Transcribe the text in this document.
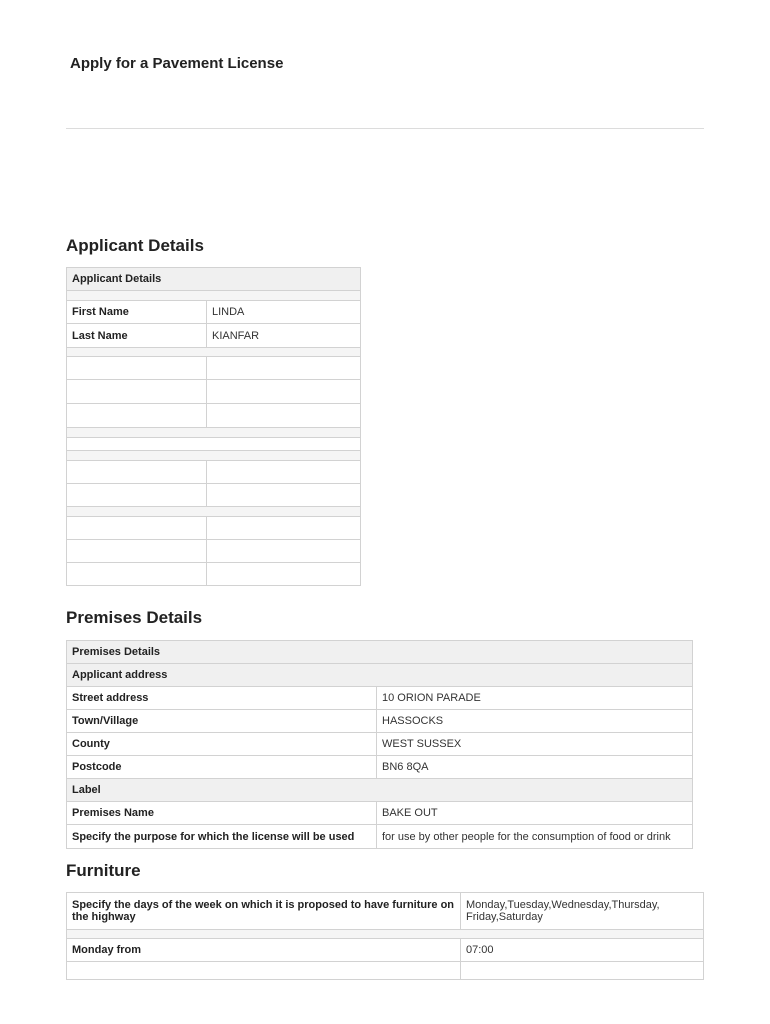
Apply for a Pavement License
Applicant Details
Applicant Details	

First Name	LINDA
Last Name	KIANFAR

Premises Details
Premises Details	
Applicant address	
Street address	10 ORION PARADE
Town/Village	HASSOCKS
County	WEST SUSSEX
Postcode	BN6 8QA
Label	
Premises Name	BAKE OUT
Specify the purpose for which the license will be used	for use by other people for the consumption of food or drink
Furniture
Specify the days of the week on which it is proposed to have furniture on the highway	Monday,Tuesday,Wednesday,Thursday, Friday,Saturday

Monday from	07:00
